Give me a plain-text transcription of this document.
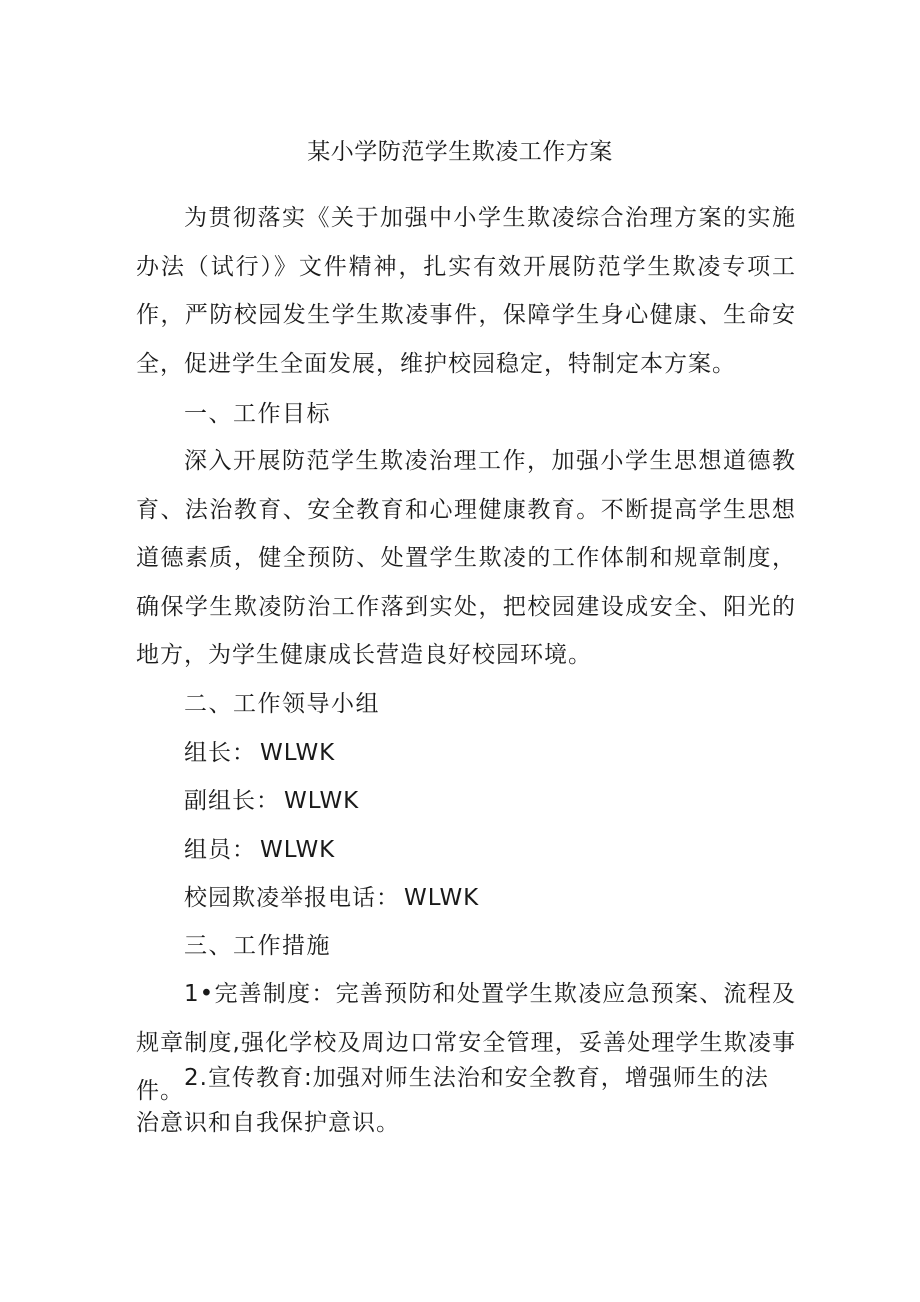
某小学防范学生欺凌工作方案

为贯彻落实《关于加强中小学生欺凌综合治理方案的实施办法（试行）》文件精神，扎实有效开展防范学生欺凌专项工作，严防校园发生学生欺凌事件，保障学生身心健康、生命安全，促进学生全面发展，维护校园稳定，特制定本方案。

一、工作目标

深入开展防范学生欺凌治理工作，加强小学生思想道德教育、法治教育、安全教育和心理健康教育。不断提高学生思想道德素质，健全预防、处置学生欺凌的工作体制和规章制度，确保学生欺凌防治工作落到实处，把校园建设成安全、阳光的地方，为学生健康成长营造良好校园环境。

二、工作领导小组

组长： WLWK

副组长： WLWK

组员： WLWK

校园欺凌举报电话： WLWK

三、工作措施

1•完善制度：完善预防和处置学生欺凌应急预案、流程及规章制度,强化学校及周边口常安全管理，妥善处理学生欺凌事件。 2.宣传教育:加强对师生法治和安全教育，增强师生的法

治意识和自我保护意识。
